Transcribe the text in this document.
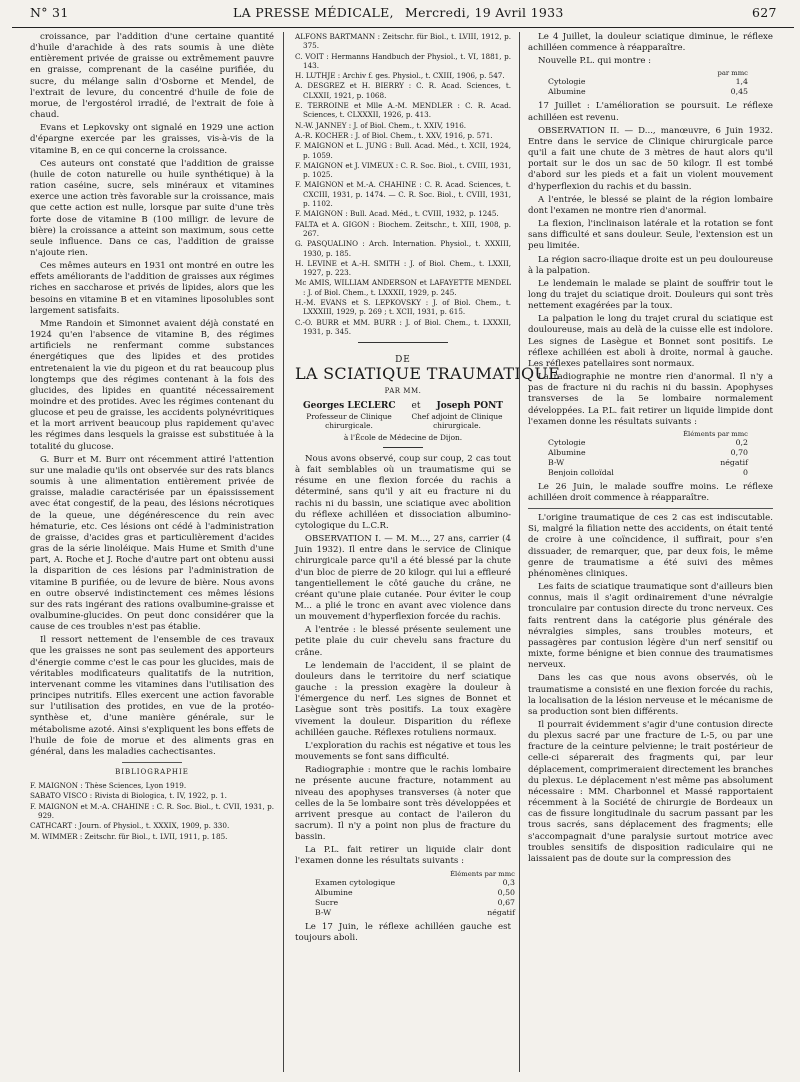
N° 31	LA PRESSE MÉDICALE, Mercredi, 19 Avril 1933	627

croissance, par l'addition d'une certaine quantité d'huile d'arachide à des rats soumis à une diète entièrement privée de graisse ou extrêmement pauvre en graisse, comprenant de la caséine purifiée, du sucre, du mélange salin d'Osborne et Mendel, de l'extrait de levure, du concentré d'huile de foie de morue, de l'ergostérol irradié, de l'extrait de foie à chaud.

Evans et Lepkovsky ont signalé en 1929 une action d'épargne exercée par les graisses, vis-à-vis de la vitamine B, en ce qui concerne la croissance.

Ces auteurs ont constaté que l'addition de graisse (huile de coton naturelle ou huile synthétique) à la ration caséine, sucre, sels minéraux et vitamines exerce une action très favorable sur la croissance, mais que cette action est nulle, lorsque par suite d'une très forte dose de vitamine B (100 milligr. de levure de bière) la croissance a atteint son maximum, sous cette seule influence. Dans ce cas, l'addition de graisse n'ajoute rien.

Ces mêmes auteurs en 1931 ont montré en outre les effets améliorants de l'addition de graisses aux régimes riches en saccharose et privés de lipides, alors que les besoins en vitamine B et en vitamines liposolubles sont largement satisfaits.

Mme Randoin et Simonnet avaient déjà constaté en 1924 qu'en l'absence de vitamine B, des régimes artificiels ne renfermant comme substances énergétiques que des lipides et des protides entretenaient la vie du pigeon et du rat beaucoup plus longtemps que des régimes contenant à la fois des glucides, des lipides en quantité nécessairement moindre et des protides. Avec les régimes contenant du glucose et peu de graisse, les accidents polynévritiques et la mort arrivent beaucoup plus rapidement qu'avec les régimes dans lesquels la graisse est substituée à la totalité du glucose.

G. Burr et M. Burr ont récemment attiré l'attention sur une maladie qu'ils ont observée sur des rats blancs soumis à une alimentation entièrement privée de graisse, maladie caractérisée par un épaississement avec état congestif, de la peau, des lésions nécrotiques de la queue, une dégénérescence du rein avec hématurie, etc. Ces lésions ont cédé à l'administration de graisse, d'acides gras et particulièrement d'acides gras de la série linoléique. Mais Hume et Smith d'une part, A. Roche et J. Roche d'autre part ont obtenu aussi la disparition de ces lésions par l'administration de vitamine B purifiée, ou de levure de bière. Nous avons en outre observé indistinctement ces mêmes lésions sur des rats ingérant des rations ovalbumine-graisse et ovalbumine-glucides. On peut donc considérer que la cause de ces troubles n'est pas établie.

Il ressort nettement de l'ensemble de ces travaux que les graisses ne sont pas seulement des apporteurs d'énergie comme c'est le cas pour les glucides, mais de véritables modificateurs qualitatifs de la nutrition, intervenant comme les vitamines dans l'utilisation des principes nutritifs. Elles exercent une action favorable sur l'utilisation des protides, en vue de la protéo-synthèse et, d'une manière générale, sur le métabolisme azoté. Ainsi s'expliquent les bons effets de l'huile de foie de morue et des aliments gras en général, dans les maladies cachectisantes.

BIBLIOGRAPHIE

F. MAIGNON : Thèse Sciences, Lyon 1919.

SABATO VISCO : Rivista di Biologica, t. IV, 1922, p. 1.

F. MAIGNON et M.-A. CHAHINE : C. R. Soc. Biol., t. CVII, 1931, p. 929.

CATHCART : Journ. of Physiol., t. XXXIX, 1909, p. 330.

M. WIMMER : Zeitschr. für Biol., t. LVII, 1911, p. 185.

ALFONS BARTMANN : Zeitschr. für Biol., t. LVIII, 1912, p. 375.

C. VOIT : Hermanns Handbuch der Physiol., t. VI, 1881, p. 143.

H. LUTHJE : Archiv f. ges. Physiol., t. CXIII, 1906, p. 547.

A. DESGREZ et H. BIERRY : C. R. Acad. Sciences, t. CLXXII, 1921, p. 1068.

E. TERROINE et Mlle A.-M. MENDLER : C. R. Acad. Sciences, t. CLXXXII, 1926, p. 413.

N.-W. JANNEY : J. of Biol. Chem., t. XXIV, 1916.

A.-R. KOCHER : J. of Biol. Chem., t. XXV, 1916, p. 571.

F. MAIGNON et L. JUNG : Bull. Acad. Méd., t. XCII, 1924, p. 1059.

F. MAIGNON et J. VIMEUX : C. R. Soc. Biol., t. CVIII, 1931, p. 1025.

F. MAIGNON et M.-A. CHAHINE : C. R. Acad. Sciences, t. CXCIII, 1931, p. 1474. — C. R. Soc. Biol., t. CVIII, 1931, p. 1102.

F. MAIGNON : Bull. Acad. Méd., t. CVIII, 1932, p. 1245.

FALTA et A. GIGON : Biochem. Zeitschr., t. XIII, 1908, p. 267.

G. PASQUALINO : Arch. Internation. Physiol., t. XXXIII, 1930, p. 185.

H. LEVINE et A.-H. SMITH : J. of Biol. Chem., t. LXXII, 1927, p. 223.

Mc AMIS, WILLIAM ANDERSON et LAFAYETTE MENDEL : J. of Biol. Chem., t. LXXXII, 1929, p. 245.

H.-M. EVANS et S. LEPKOVSKY : J. of Biol. Chem., t. LXXXIII, 1929, p. 269 ; t. XCII, 1931, p. 615.

C.-O. BURR et MM. BURR : J. of Biol. Chem., t. LXXXII, 1931, p. 345.

DE
LA SCIATIQUE TRAUMATIQUE
PAR MM.
Georges LECLERC et Joseph PONT
Professeur de Clinique chirurgicale.
Chef adjoint de Clinique chirurgicale.
à l'École de Médecine de Dijon.

Nous avons observé, coup sur coup, 2 cas tout à fait semblables où un traumatisme qui se résume en une flexion forcée du rachis a déterminé, sans qu'il y ait eu fracture ni du rachis ni du bassin, une sciatique avec abolition du réflexe achilléen et dissociation albumino-cytologique du L.C.R.

OBSERVATION I. — M. M..., 27 ans, carrier (4 Juin 1932). Il entre dans le service de Clinique chirurgicale parce qu'il a été blessé par la chute d'un bloc de pierre de 20 kilogr. qui lui a effleuré tangentiellement le côté gauche du crâne, ne créant qu'une plaie cutanée. Pour éviter le coup M... a plié le tronc en avant avec violence dans un mouvement d'hyperflexion forcée du rachis.

A l'entrée : le blessé présente seulement une petite plaie du cuir chevelu sans fracture du crâne.

Le lendemain de l'accident, il se plaint de douleurs dans le territoire du nerf sciatique gauche : la pression exagère la douleur à l'émergence du nerf. Les signes de Bonnet et Lasègue sont très positifs. La toux exagère vivement la douleur. Disparition du réflexe achilléen gauche. Réflexes rotuliens normaux.

L'exploration du rachis est négative et tous les mouvements se font sans difficulté.

Radiographie : montre que le rachis lombaire ne présente aucune fracture, notamment au niveau des apophyses transverses (à noter que celles de la 5e lombaire sont très développées et arrivent presque au contact de l'aileron du sacrum). Il n'y a point non plus de fracture du bassin.

La P.L. fait retirer un liquide clair dont l'examen donne les résultats suivants :

Éléments par mmc
Examen cytologique	0,3
Albumine	0,50
Sucre	0,67
B-W	négatif

Le 17 Juin, le réflexe achilléen gauche est toujours aboli.

Le 4 Juillet, la douleur sciatique diminue, le réflexe achilléen commence à réapparaître.

Nouvelle P.L. qui montre :

par mmc
Cytologie	1,4
Albumine	0,45

17 Juillet : L'amélioration se poursuit. Le réflexe achilléen est revenu.

OBSERVATION II. — D..., manœuvre, 6 Juin 1932. Entre dans le service de Clinique chirurgicale parce qu'il a fait une chute de 3 mètres de haut alors qu'il portait sur le dos un sac de 50 kilogr. Il est tombé d'abord sur les pieds et a fait un violent mouvement d'hyperflexion du rachis et du bassin.

A l'entrée, le blessé se plaint de la région lombaire dont l'examen ne montre rien d'anormal.

La flexion, l'inclinaison latérale et la rotation se font sans difficulté et sans douleur. Seule, l'extension est un peu limitée.

La région sacro-iliaque droite est un peu douloureuse à la palpation.

Le lendemain le malade se plaint de souffrir tout le long du trajet du sciatique droit. Douleurs qui sont très nettement exagérées par la toux.

La palpation le long du trajet crural du sciatique est douloureuse, mais au delà de la cuisse elle est indolore. Les signes de Lasègue et Bonnet sont positifs. Le réflexe achilléen est aboli à droite, normal à gauche. Les réflexes patellaires sont normaux.

La radiographie ne montre rien d'anormal. Il n'y a pas de fracture ni du rachis ni du bassin. Apophyses transverses de la 5e lombaire normalement développées. La P.L. fait retirer un liquide limpide dont l'examen donne les résultats suivants :

Éléments par mmc
Cytologie	0,2
Albumine	0,70
B-W	négatif
Benjoin colloïdal	0

Le 26 Juin, le malade souffre moins. Le réflexe achilléen droit commence à réapparaître.

L'origine traumatique de ces 2 cas est indiscutable. Si, malgré la filiation nette des accidents, on était tenté de croire à une coïncidence, il suffirait, pour s'en dissuader, de remarquer, que, par deux fois, le même genre de traumatisme a été suivi des mêmes phénomènes cliniques.

Les faits de sciatique traumatique sont d'ailleurs bien connus, mais il s'agit ordinairement d'une névralgie tronculaire par contusion directe du tronc nerveux. Ces faits rentrent dans la catégorie plus générale des névralgies simples, sans troubles moteurs, et passagères par contusion légère d'un nerf sensitif ou mixte, forme bénigne et bien connue des traumatismes nerveux.

Dans les cas que nous avons observés, où le traumatisme a consisté en une flexion forcée du rachis, la localisation de la lésion nerveuse et le mécanisme de sa production sont bien différents.

Il pourrait évidemment s'agir d'une contusion directe du plexus sacré par une fracture de L-5, ou par une fracture de la ceinture pelvienne; le trait postérieur de celle-ci séparerait des fragments qui, par leur déplacement, comprimeraient directement les branches du plexus. Le déplacement n'est même pas absolument nécessaire : MM. Charbonnel et Massé rapportaient récemment à la Société de chirurgie de Bordeaux un cas de fissure longitudinale du sacrum passant par les trous sacrés, sans déplacement des fragments; elle s'accompagnait d'une paralysie surtout motrice avec troubles sensitifs de disposition radiculaire qui ne laissaient pas de doute sur la compression des
